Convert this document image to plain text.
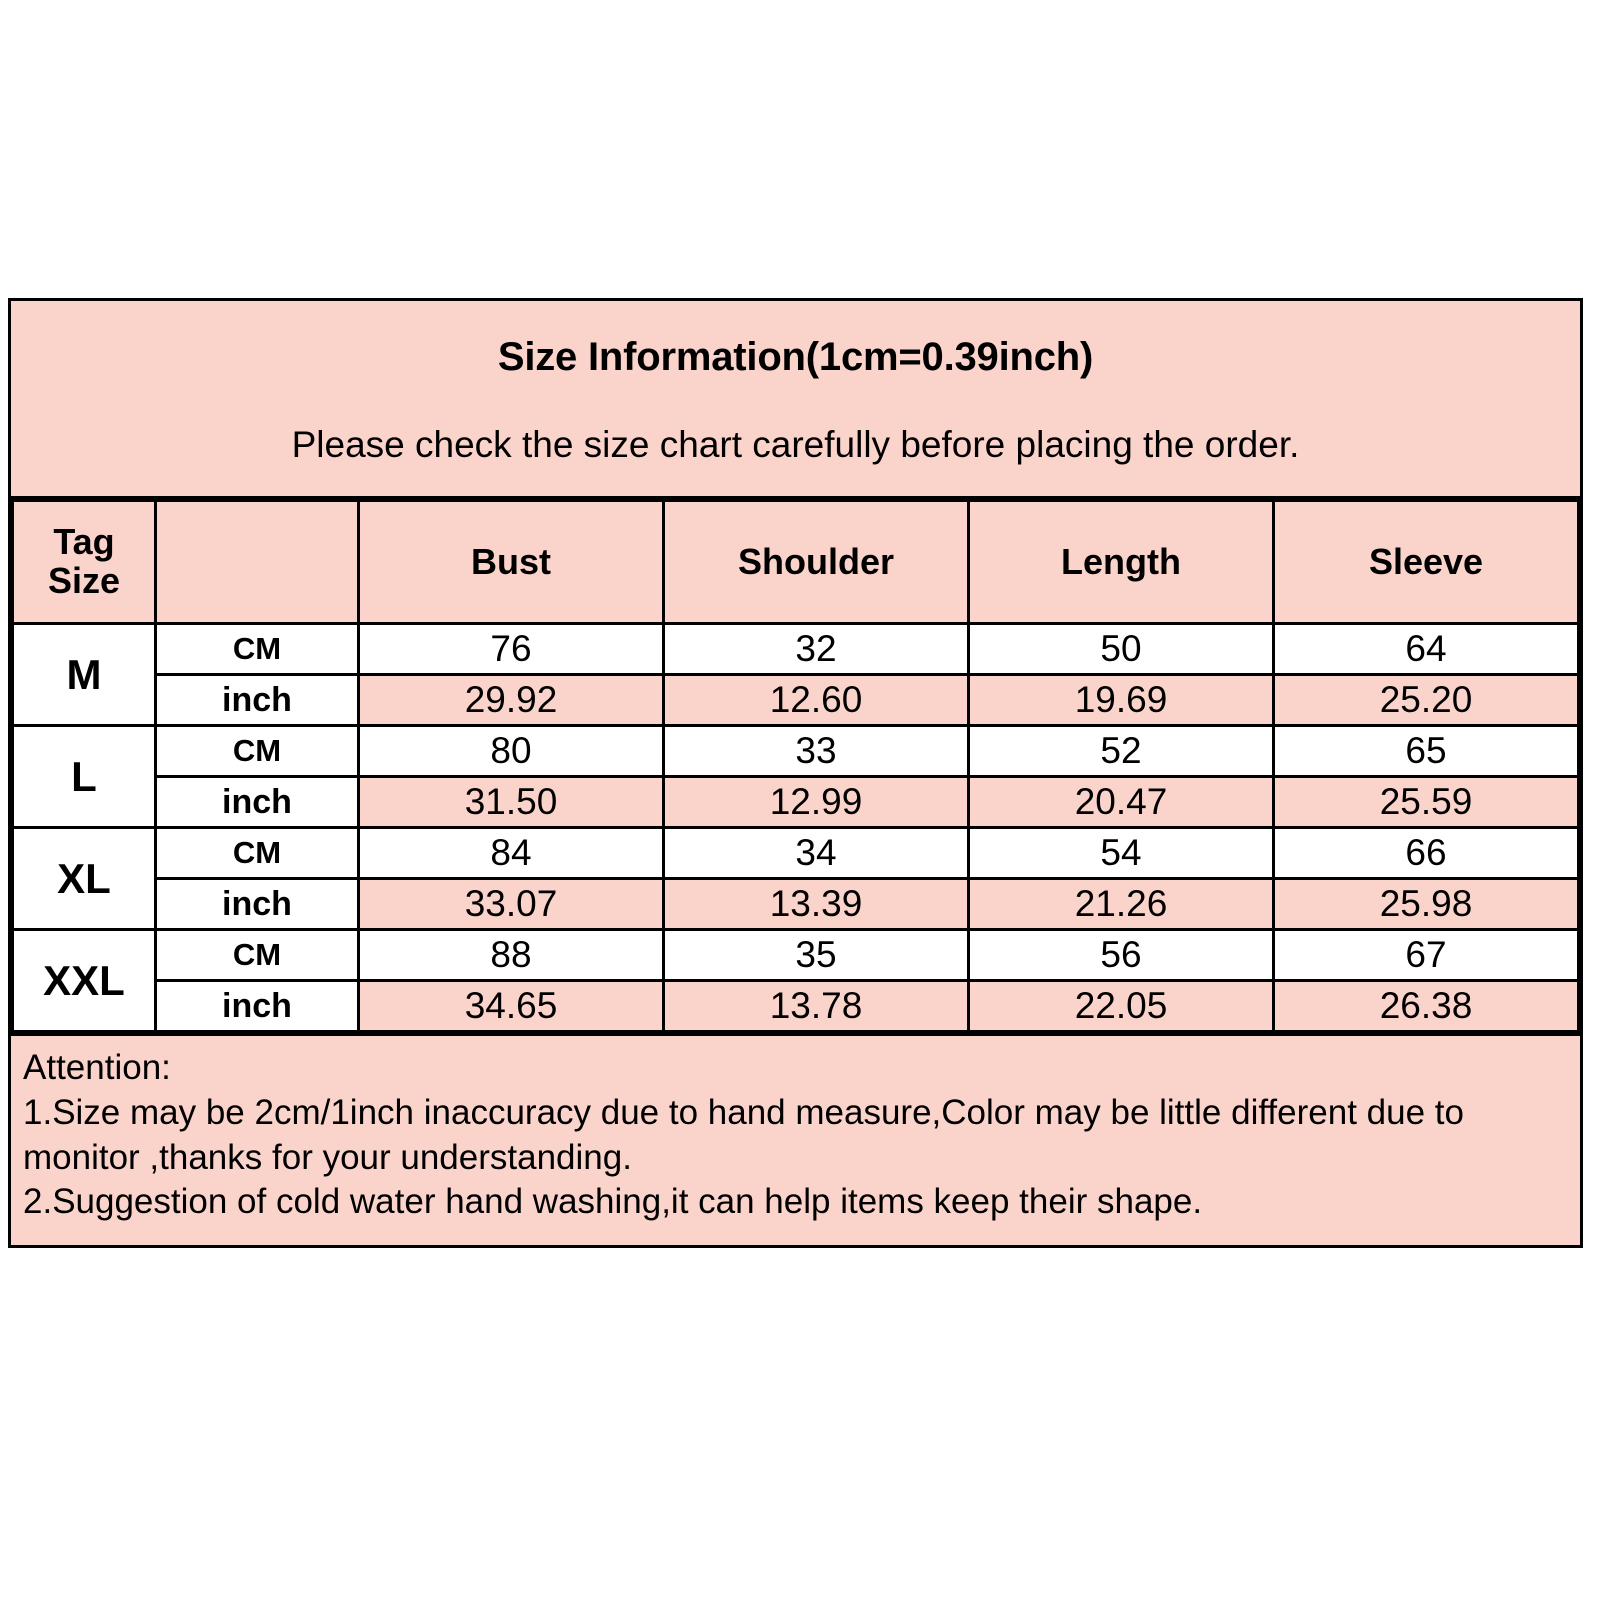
Size Information(1cm=0.39inch)
Please check the size chart carefully before placing the order.
Tag
Size		Bust	Shoulder	Length	Sleeve
M	CM	76	32	50	64
	inch	29.92	12.60	19.69	25.20
L	CM	80	33	52	65
	inch	31.50	12.99	20.47	25.59
XL	CM	84	34	54	66
	inch	33.07	13.39	21.26	25.98
XXL	CM	88	35	56	67
	inch	34.65	13.78	22.05	26.38
Attention:
1.Size may be 2cm/1inch inaccuracy due to hand measure,Color may be little different due to monitor ,thanks for your understanding.
2.Suggestion of cold water hand washing,it can help items keep their shape.
